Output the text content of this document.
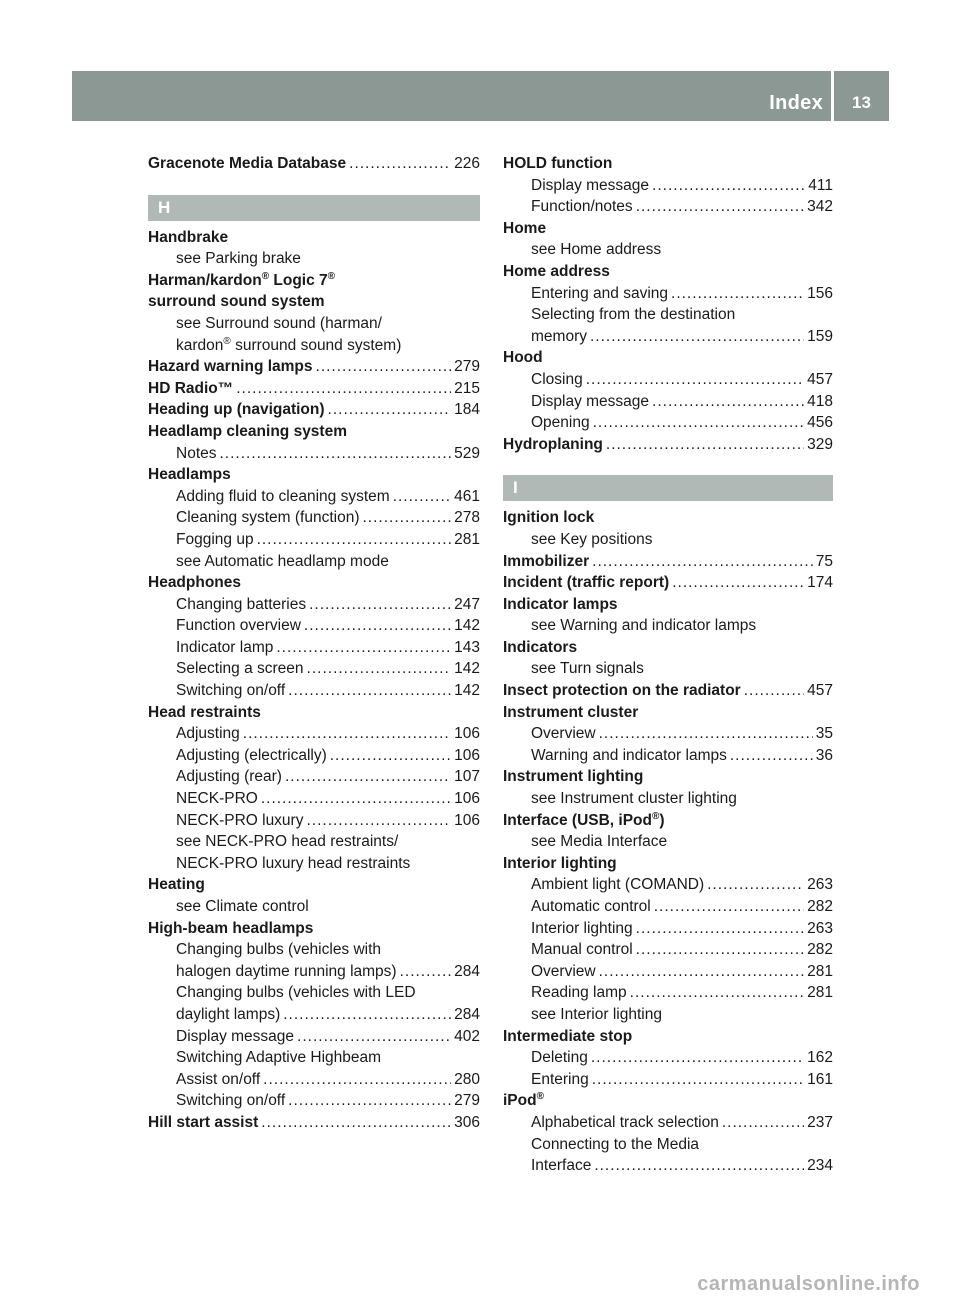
Index	13
Gracenote Media Database .....	226
H
Handbrake
see Parking brake
Harman/kardon® Logic 7®
surround sound system
see Surround sound (harman/
kardon® surround sound system)
Hazard warning lamps .....	279
HD Radio™ .....	215
Heading up (navigation) .....	184
Headlamp cleaning system
Notes .....	529
Headlamps
Adding fluid to cleaning system .....	461
Cleaning system (function) .....	278
Fogging up .....	281
see Automatic headlamp mode
Headphones
Changing batteries .....	247
Function overview .....	142
Indicator lamp .....	143
Selecting a screen .....	142
Switching on/off .....	142
Head restraints
Adjusting .....	106
Adjusting (electrically) .....	106
Adjusting (rear) .....	107
NECK-PRO .....	106
NECK-PRO luxury .....	106
see NECK-PRO head restraints/
NECK-PRO luxury head restraints
Heating
see Climate control
High-beam headlamps
Changing bulbs (vehicles with
halogen daytime running lamps) .....	284
Changing bulbs (vehicles with LED
daylight lamps) .....	284
Display message .....	402
Switching Adaptive Highbeam
Assist on/off .....	280
Switching on/off .....	279
Hill start assist .....	306
HOLD function
Display message .....	411
Function/notes .....	342
Home
see Home address
Home address
Entering and saving .....	156
Selecting from the destination
memory .....	159
Hood
Closing .....	457
Display message .....	418
Opening .....	456
Hydroplaning .....	329
I
Ignition lock
see Key positions
Immobilizer .....	75
Incident (traffic report) .....	174
Indicator lamps
see Warning and indicator lamps
Indicators
see Turn signals
Insect protection on the radiator .....	457
Instrument cluster
Overview .....	35
Warning and indicator lamps .....	36
Instrument lighting
see Instrument cluster lighting
Interface (USB, iPod®)
see Media Interface
Interior lighting
Ambient light (COMAND) .....	263
Automatic control .....	282
Interior lighting .....	263
Manual control .....	282
Overview .....	281
Reading lamp .....	281
see Interior lighting
Intermediate stop
Deleting .....	162
Entering .....	161
iPod®
Alphabetical track selection .....	237
Connecting to the Media
Interface .....	234
carmanualsonline.info
